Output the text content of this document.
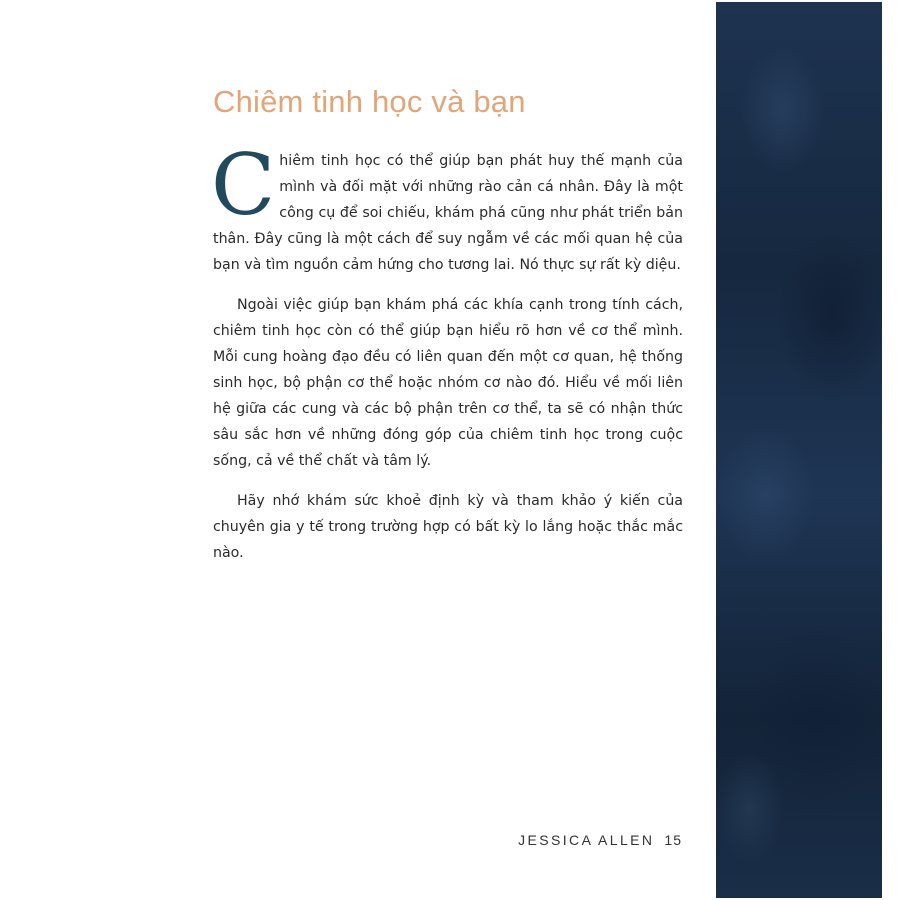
Chiêm tinh học và bạn

Chiêm tinh học có thể giúp bạn phát huy thế mạnh của mình và đối mặt với những rào cản cá nhân. Đây là một công cụ để soi chiếu, khám phá cũng như phát triển bản thân. Đây cũng là một cách để suy ngẫm về các mối quan hệ của bạn và tìm nguồn cảm hứng cho tương lai. Nó thực sự rất kỳ diệu.

Ngoài việc giúp bạn khám phá các khía cạnh trong tính cách, chiêm tinh học còn có thể giúp bạn hiểu rõ hơn về cơ thể mình. Mỗi cung hoàng đạo đều có liên quan đến một cơ quan, hệ thống sinh học, bộ phận cơ thể hoặc nhóm cơ nào đó. Hiểu về mối liên hệ giữa các cung và các bộ phận trên cơ thể, ta sẽ có nhận thức sâu sắc hơn về những đóng góp của chiêm tinh học trong cuộc sống, cả về thể chất và tâm lý.

Hãy nhớ khám sức khoẻ định kỳ và tham khảo ý kiến của chuyên gia y tế trong trường hợp có bất kỳ lo lắng hoặc thắc mắc nào.

JESSICA ALLEN 15
